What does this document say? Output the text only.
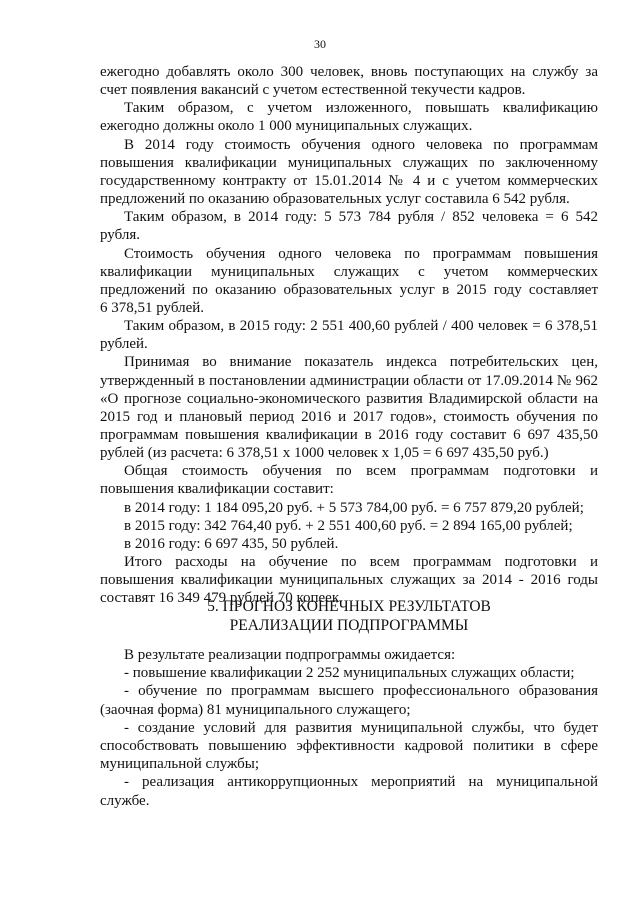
30
ежегодно добавлять около 300 человек, вновь поступающих на службу за
счет появления вакансий с учетом естественной текучести кадров.
Таким образом, с учетом изложенного, повышать квалификацию
ежегодно должны около 1 000 муниципальных служащих.
В 2014 году стоимость обучения одного человека по программам
повышения квалификации муниципальных служащих по заключенному
государственному контракту от 15.01.2014 № 4 и с учетом коммерческих
предложений по оказанию образовательных услуг составила 6 542 рубля.
Таким образом, в 2014 году: 5 573 784 рубля / 852 человека = 6 542
рубля.
Стоимость обучения одного человека по программам повышения
квалификации муниципальных служащих с учетом коммерческих
предложений по оказанию образовательных услуг в 2015 году составляет
6 378,51 рублей.
Таким образом, в 2015 году: 2 551 400,60 рублей / 400 человек = 6 378,51
рублей.
Принимая во внимание показатель индекса потребительских цен,
утвержденный в постановлении администрации области от 17.09.2014 № 962
«О прогнозе социально-экономического развития Владимирской области на
2015 год и плановый период 2016 и 2017 годов», стоимость обучения по
программам повышения квалификации в 2016 году составит 6 697 435,50
рублей (из расчета: 6 378,51 x 1000 человек x 1,05 = 6 697 435,50 руб.)
Общая стоимость обучения по всем программам подготовки и
повышения квалификации составит:
в 2014 году: 1 184 095,20 руб. + 5 573 784,00 руб. = 6 757 879,20 рублей;
в 2015 году: 342 764,40 руб. + 2 551 400,60 руб. = 2 894 165,00 рублей;
в 2016 году: 6 697 435, 50 рублей.
Итого расходы на обучение по всем программам подготовки и
повышения квалификации муниципальных служащих за 2014 - 2016 годы
составят 16 349 479 рублей 70 копеек.
5. ПРОГНОЗ КОНЕЧНЫХ РЕЗУЛЬТАТОВ
РЕАЛИЗАЦИИ ПОДПРОГРАММЫ
В результате реализации подпрограммы ожидается:
- повышение квалификации 2 252 муниципальных служащих области;
- обучение по программам высшего профессионального образования
(заочная форма) 81 муниципального служащего;
- создание условий для развития муниципальной службы, что будет
способствовать повышению эффективности кадровой политики в сфере
муниципальной службы;
- реализация антикоррупционных мероприятий на муниципальной
службе.
